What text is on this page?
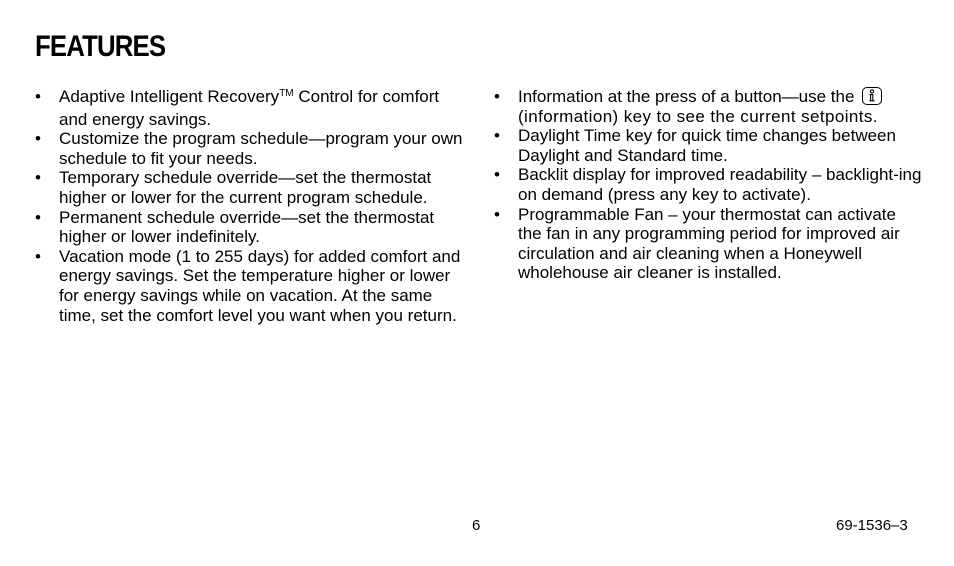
FEATURES
• Adaptive Intelligent Recovery™ Control for comfort and energy savings.
• Customize the program schedule—program your own schedule to fit your needs.
• Temporary schedule override—set the thermostat higher or lower for the current program schedule.
• Permanent schedule override—set the thermostat higher or lower indefinitely.
• Vacation mode (1 to 255 days) for added comfort and energy savings. Set the temperature higher or lower for energy savings while on vacation. At the same time, set the comfort level you want when you return.
• Information at the press of a button—use the

(information) key to see the current setpoints.
• Daylight Time key for quick time changes between Daylight and Standard time.
• Backlit display for improved readability – backlight-ing on demand (press any key to activate).
• Programmable Fan – your thermostat can activate the fan in any programming period for improved air circulation and air cleaning when a Honeywell wholehouse air cleaner is installed.
6	69-1536–3
